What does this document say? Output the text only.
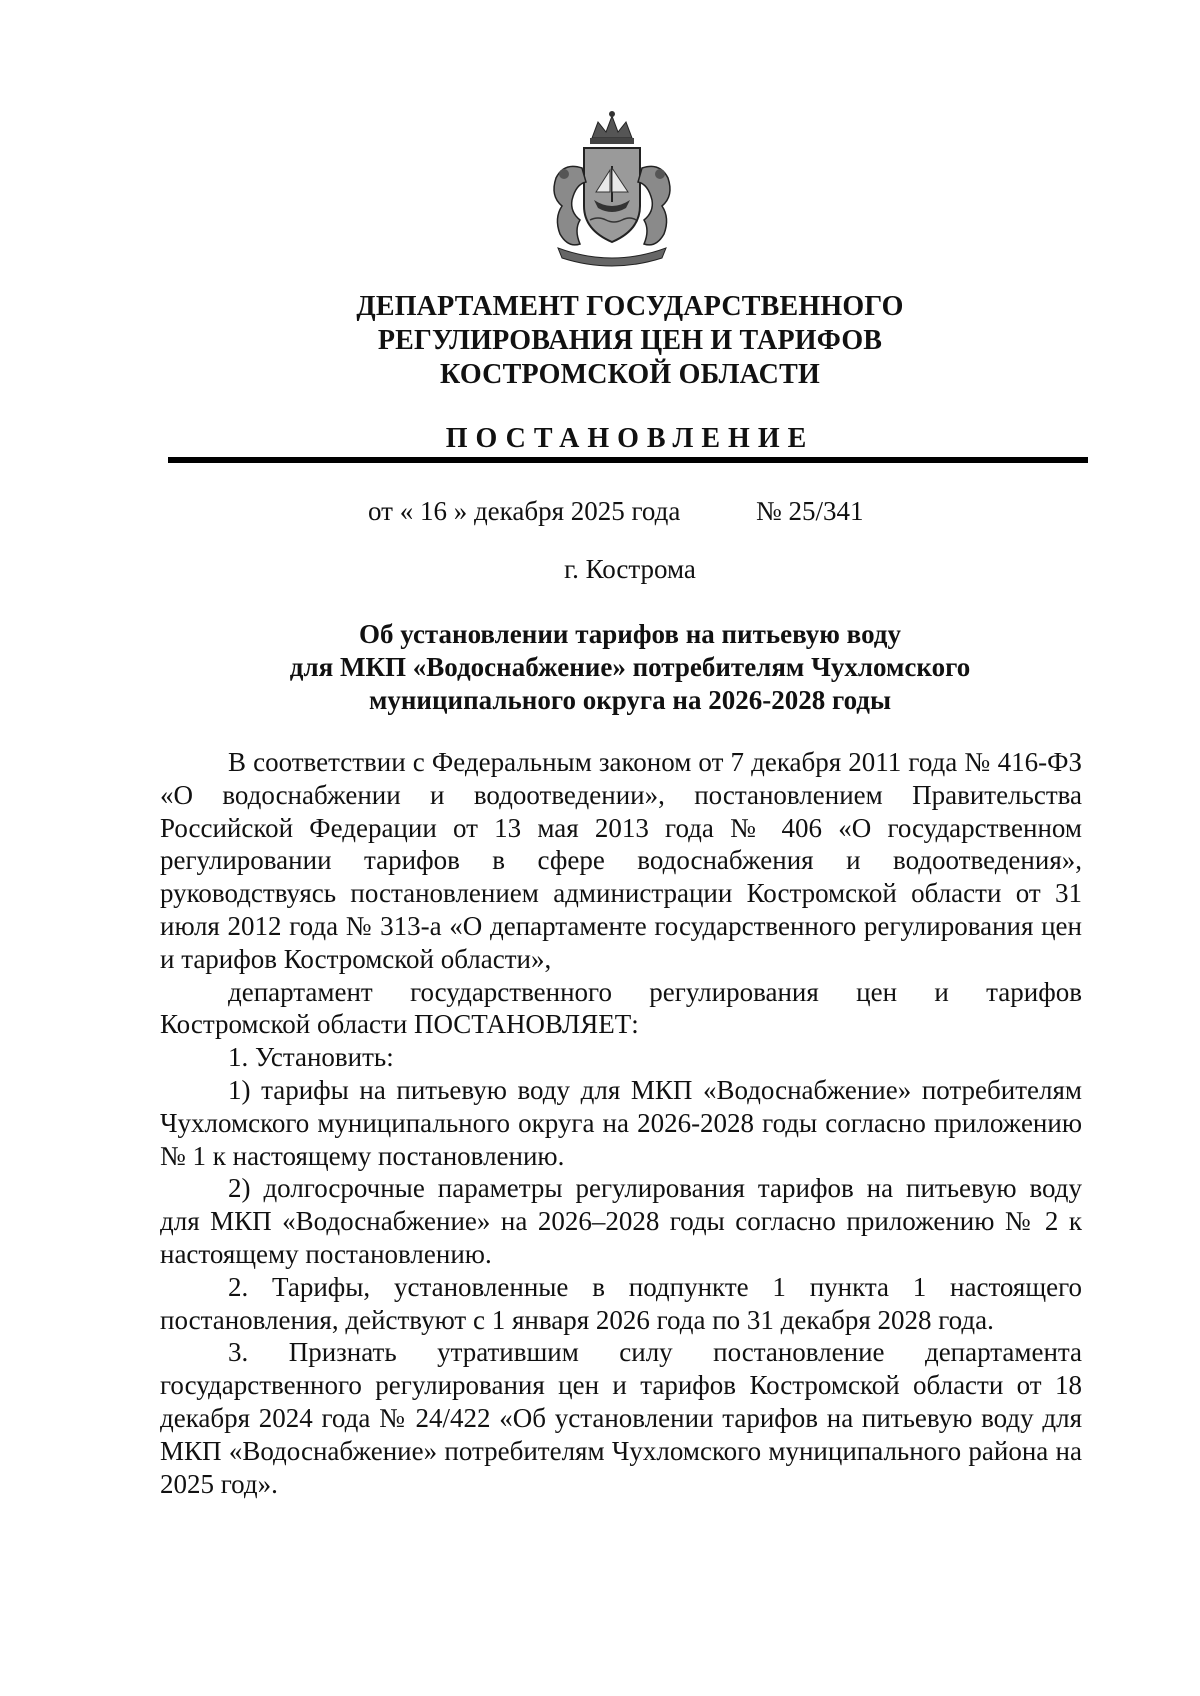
ДЕПАРТАМЕНТ ГОСУДАРСТВЕННОГО
РЕГУЛИРОВАНИЯ ЦЕН И ТАРИФОВ
КОСТРОМСКОЙ ОБЛАСТИ
ПОСТАНОВЛЕНИЕ
от « 16 » декабря 2025 года	№ 25/341
г. Кострома
Об установлении тарифов на питьевую воду
для МКП «Водоснабжение» потребителям Чухломского
муниципального округа на 2026-2028 годы

В соответствии с Федеральным законом от 7 декабря 2011 года № 416-ФЗ «О водоснабжении и водоотведении», постановлением Правительства Российской Федерации от 13 мая 2013 года № 406 «О государственном регулировании тарифов в сфере водоснабжения и водоотведения», руководствуясь постановлением администрации Костромской области от 31 июля 2012 года № 313-а «О департаменте государственного регулирования цен и тарифов Костромской области»,

департамент государственного регулирования цен и тарифов Костромской области ПОСТАНОВЛЯЕТ:

1. Установить:

1) тарифы на питьевую воду для МКП «Водоснабжение» потребителям Чухломского муниципального округа на 2026-2028 годы согласно приложению № 1 к настоящему постановлению.

2) долгосрочные параметры регулирования тарифов на питьевую воду для МКП «Водоснабжение» на 2026–2028 годы согласно приложению № 2 к настоящему постановлению.

2. Тарифы, установленные в подпункте 1 пункта 1 настоящего постановления, действуют с 1 января 2026 года по 31 декабря 2028 года.

3. Признать утратившим силу постановление департамента государственного регулирования цен и тарифов Костромской области от 18 декабря 2024 года № 24/422 «Об установлении тарифов на питьевую воду для МКП «Водоснабжение» потребителям Чухломского муниципального района на 2025 год».
